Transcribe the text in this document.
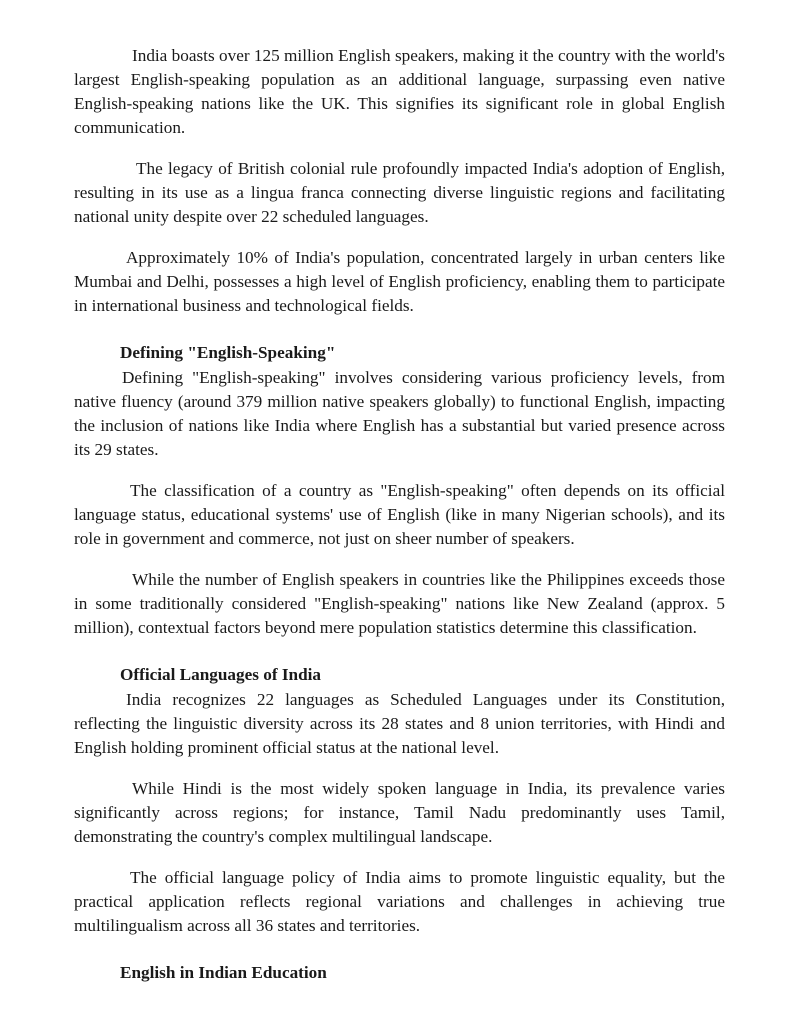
India boasts over 125 million English speakers, making it the country with the world's largest English-speaking population as an additional language, surpassing even native English-speaking nations like the UK. This signifies its significant role in global English communication.

The legacy of British colonial rule profoundly impacted India's adoption of English, resulting in its use as a lingua franca connecting diverse linguistic regions and facilitating national unity despite over 22 scheduled languages.

Approximately 10% of India's population, concentrated largely in urban centers like Mumbai and Delhi, possesses a high level of English proficiency, enabling them to participate in international business and technological fields.

Defining "English-Speaking"

Defining "English-speaking" involves considering various proficiency levels, from native fluency (around 379 million native speakers globally) to functional English, impacting the inclusion of nations like India where English has a substantial but varied presence across its 29 states.

The classification of a country as "English-speaking" often depends on its official language status, educational systems' use of English (like in many Nigerian schools), and its role in government and commerce, not just on sheer number of speakers.

While the number of English speakers in countries like the Philippines exceeds those in some traditionally considered "English-speaking" nations like New Zealand (approx. 5 million), contextual factors beyond mere population statistics determine this classification.

Official Languages of India

India recognizes 22 languages as Scheduled Languages under its Constitution, reflecting the linguistic diversity across its 28 states and 8 union territories, with Hindi and English holding prominent official status at the national level.

While Hindi is the most widely spoken language in India, its prevalence varies significantly across regions; for instance, Tamil Nadu predominantly uses Tamil, demonstrating the country's complex multilingual landscape.

The official language policy of India aims to promote linguistic equality, but the practical application reflects regional variations and challenges in achieving true multilingualism across all 36 states and territories.

English in Indian Education
